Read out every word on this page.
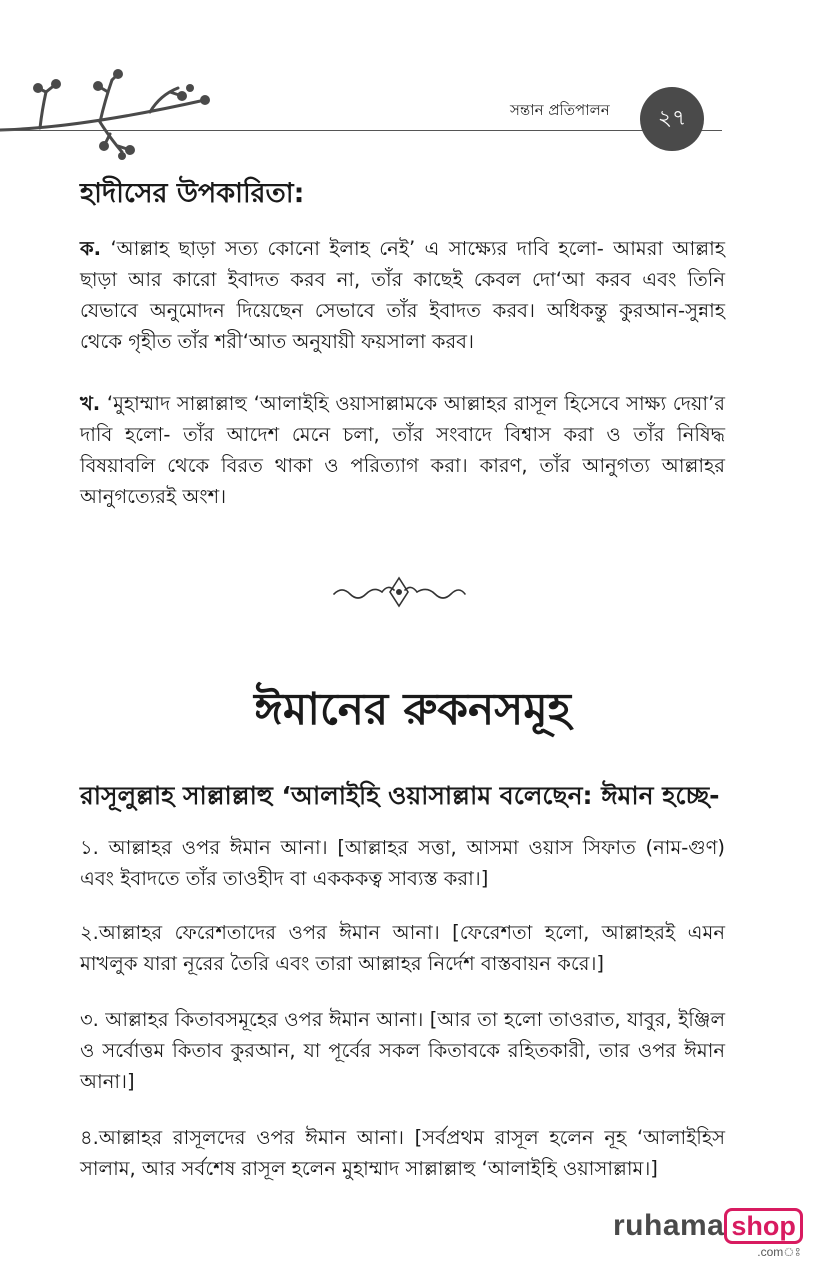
সন্তান প্রতিপালন ২৭
হাদীসের উপকারিতা:

ক. ‘আল্লাহ ছাড়া সত্য কোনো ইলাহ নেই’ এ সাক্ষ্যের দাবি হলো- আমরা আল্লাহ ছাড়া আর কারো ইবাদত করব না, তাঁর কাছেই কেবল দো‘আ করব এবং তিনি যেভাবে অনুমোদন দিয়েছেন সেভাবে তাঁর ইবাদত করব। অধিকন্তু কুরআন-সুন্নাহ থেকে গৃহীত তাঁর শরী‘আত অনুযায়ী ফয়সালা করব।

খ. ‘মুহাম্মাদ সাল্লাল্লাহু ‘আলাইহি ওয়াসাল্লামকে আল্লাহর রাসূল হিসেবে সাক্ষ্য দেয়া’র দাবি হলো- তাঁর আদেশ মেনে চলা, তাঁর সংবাদে বিশ্বাস করা ও তাঁর নিষিদ্ধ বিষয়াবলি থেকে বিরত থাকা ও পরিত্যাগ করা। কারণ, তাঁর আনুগত্য আল্লাহর আনুগত্যেরই অংশ।

ঈমানের রুকনসমূহ
রাসূলুল্লাহ সাল্লাল্লাহু ‘আলাইহি ওয়াসাল্লাম বলেছেন: ঈমান হচ্ছে-

১. আল্লাহর ওপর ঈমান আনা। [আল্লাহর সত্তা, আসমা ওয়াস সিফাত (নাম-গুণ) এবং ইবাদতে তাঁর তাওহীদ বা একককত্ব সাব্যস্ত করা।]

২.আল্লাহর ফেরেশতাদের ওপর ঈমান আনা। [ফেরেশতা হলো, আল্লাহরই এমন মাখলুক যারা নূরের তৈরি এবং তারা আল্লাহর নির্দেশ বাস্তবায়ন করে।]

৩. আল্লাহর কিতাবসমূহের ওপর ঈমান আনা। [আর তা হলো তাওরাত, যাবুর, ইঞ্জিল ও সর্বোত্তম কিতাব কুরআন, যা পূর্বের সকল কিতাবকে রহিতকারী, তার ওপর ঈমান আনা।]

৪.আল্লাহর রাসূলদের ওপর ঈমান আনা। [সর্বপ্রথম রাসূল হলেন নূহ ‘আলাইহিস সালাম, আর সর্বশেষ রাসূল হলেন মুহাম্মাদ সাল্লাল্লাহু ‘আলাইহি ওয়াসাল্লাম।]

ruhama shop
.comঃ
